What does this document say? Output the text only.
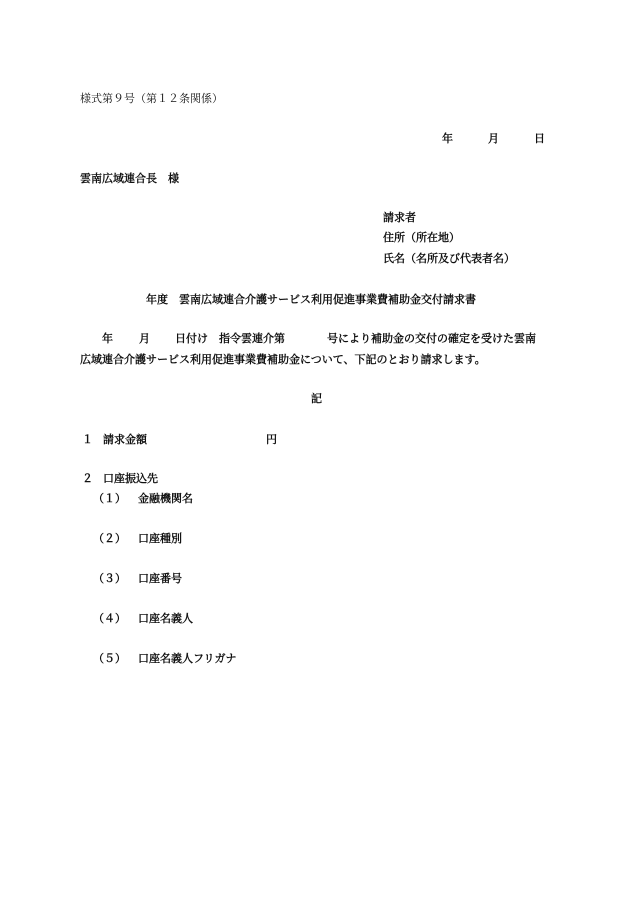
様式第９号（第１２条関係）
年	月	日
雲南広域連合長　様
請求者
住所（所在地）
氏名（名所及び代表者名）
年度　雲南広域連合介護サービス利用促進事業費補助金交付請求書
年 月 日付け　指令雲連介第	号により補助金の交付の確定を受けた雲南
広域連合介護サービス利用促進事業費補助金について、下記のとおり請求します。
記
１ 請求金額	円
２ 口座振込先
（１） 金融機関名
（２） 口座種別
（３） 口座番号
（４） 口座名義人
（５） 口座名義人フリガナ
